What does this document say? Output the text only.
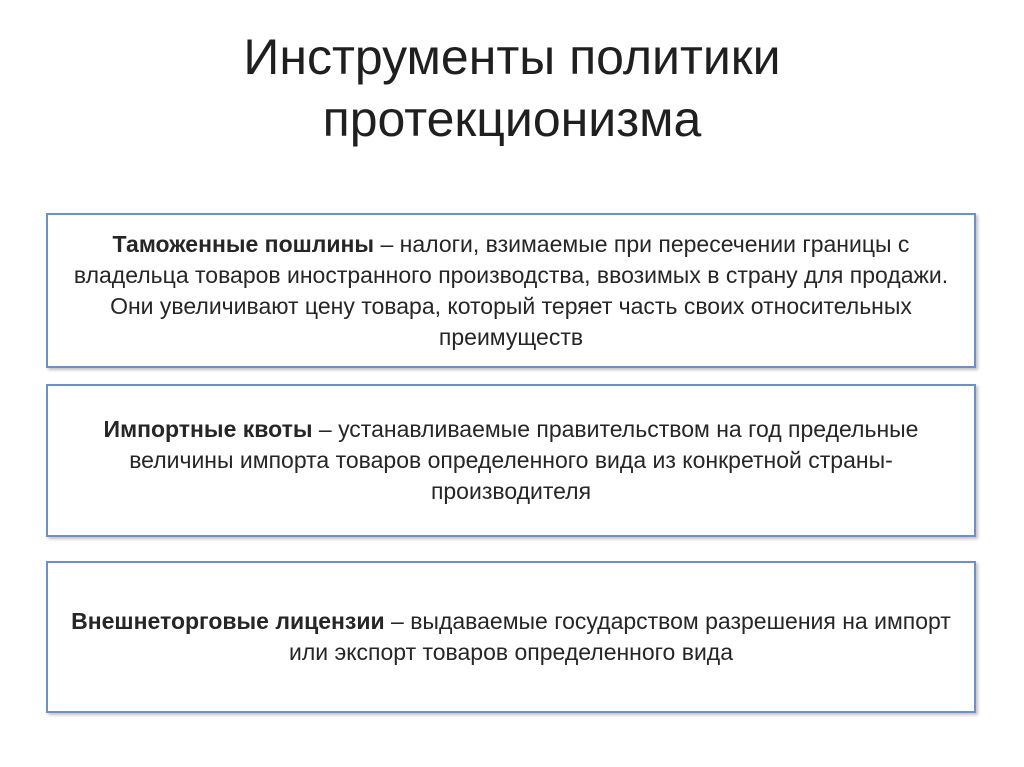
Инструменты политики
протекционизма

Таможенные пошлины – налоги, взимаемые при пересечении границы с владельца товаров иностранного производства, ввозимых в страну для продажи. Они увеличивают цену товара, который теряет часть своих относительных преимуществ

Импортные квоты – устанавливаемые правительством на год предельные величины импорта товаров определенного вида из конкретной страны-производителя

Внешнеторговые лицензии – выдаваемые государством разрешения на импорт или экспорт товаров определенного вида
